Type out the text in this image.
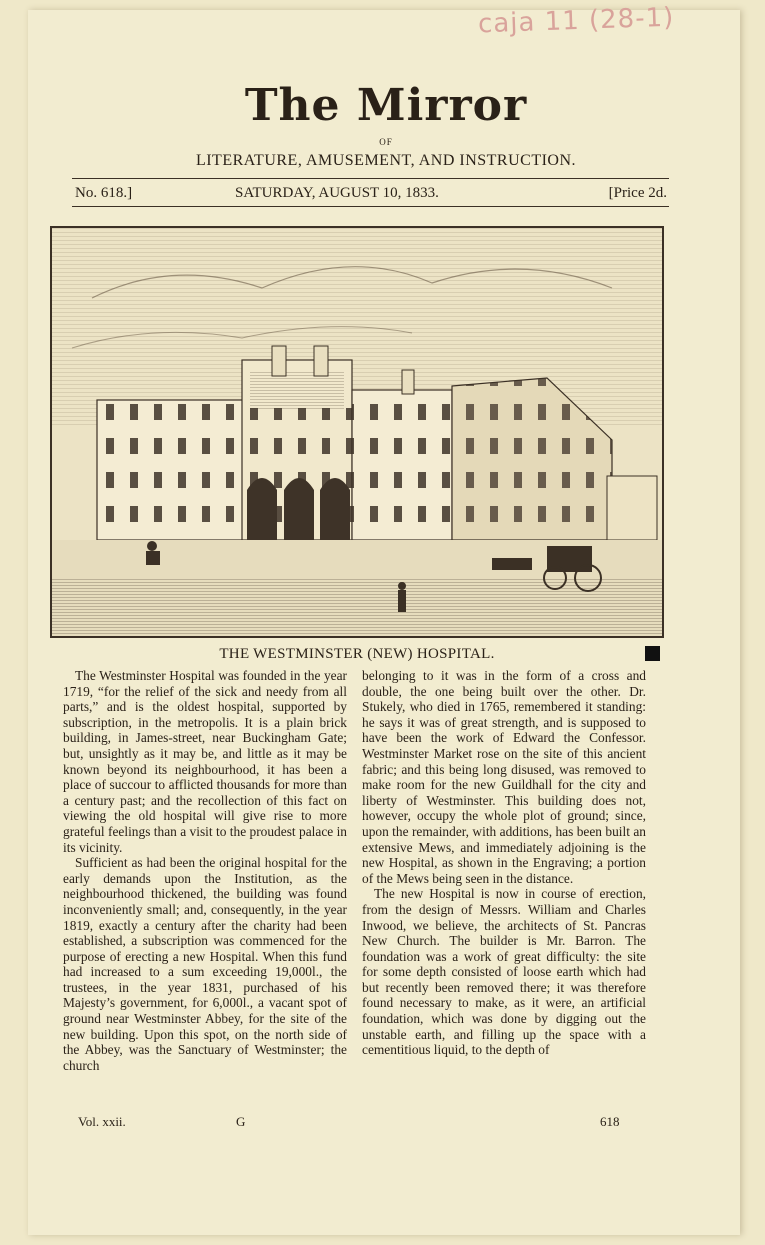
caja 11 (28-1)
The Mirror
OF
LITERATURE, AMUSEMENT, AND INSTRUCTION.
No. 618.]	SATURDAY, AUGUST 10, 1833.	[Price 2d.
THE WESTMINSTER (NEW) HOSPITAL.

The Westminster Hospital was founded in the year 1719, “for the relief of the sick and needy from all parts,” and is the oldest hospital, supported by subscription, in the metropolis. It is a plain brick building, in James-street, near Buckingham Gate; but, unsightly as it may be, and little as it may be known beyond its neighbourhood, it has been a place of succour to afflicted thousands for more than a century past; and the recollection of this fact on viewing the old hospital will give rise to more grateful feelings than a visit to the proudest palace in its vicinity.

Sufficient as had been the original hospital for the early demands upon the Institution, as the neighbourhood thickened, the building was found inconveniently small; and, consequently, in the year 1819, exactly a century after the charity had been established, a subscription was commenced for the purpose of erecting a new Hospital. When this fund had increased to a sum exceeding 19,000l., the trustees, in the year 1831, purchased of his Majesty’s government, for 6,000l., a vacant spot of ground near Westminster Abbey, for the site of the new building. Upon this spot, on the north side of the Abbey, was the Sanctuary of Westminster; the church

belonging to it was in the form of a cross and double, the one being built over the other. Dr. Stukely, who died in 1765, remembered it standing: he says it was of great strength, and is supposed to have been the work of Edward the Confessor. Westminster Market rose on the site of this ancient fabric; and this being long disused, was removed to make room for the new Guildhall for the city and liberty of Westminster. This building does not, however, occupy the whole plot of ground; since, upon the remainder, with additions, has been built an extensive Mews, and immediately adjoining is the new Hospital, as shown in the Engraving; a portion of the Mews being seen in the distance.

The new Hospital is now in course of erection, from the design of Messrs. William and Charles Inwood, we believe, the architects of St. Pancras New Church. The builder is Mr. Barron. The foundation was a work of great difficulty: the site for some depth consisted of loose earth which had but recently been removed there; it was therefore found necessary to make, as it were, an artificial foundation, which was done by digging out the unstable earth, and filling up the space with a cementitious liquid, to the depth of

Vol. xxii.	G	618
